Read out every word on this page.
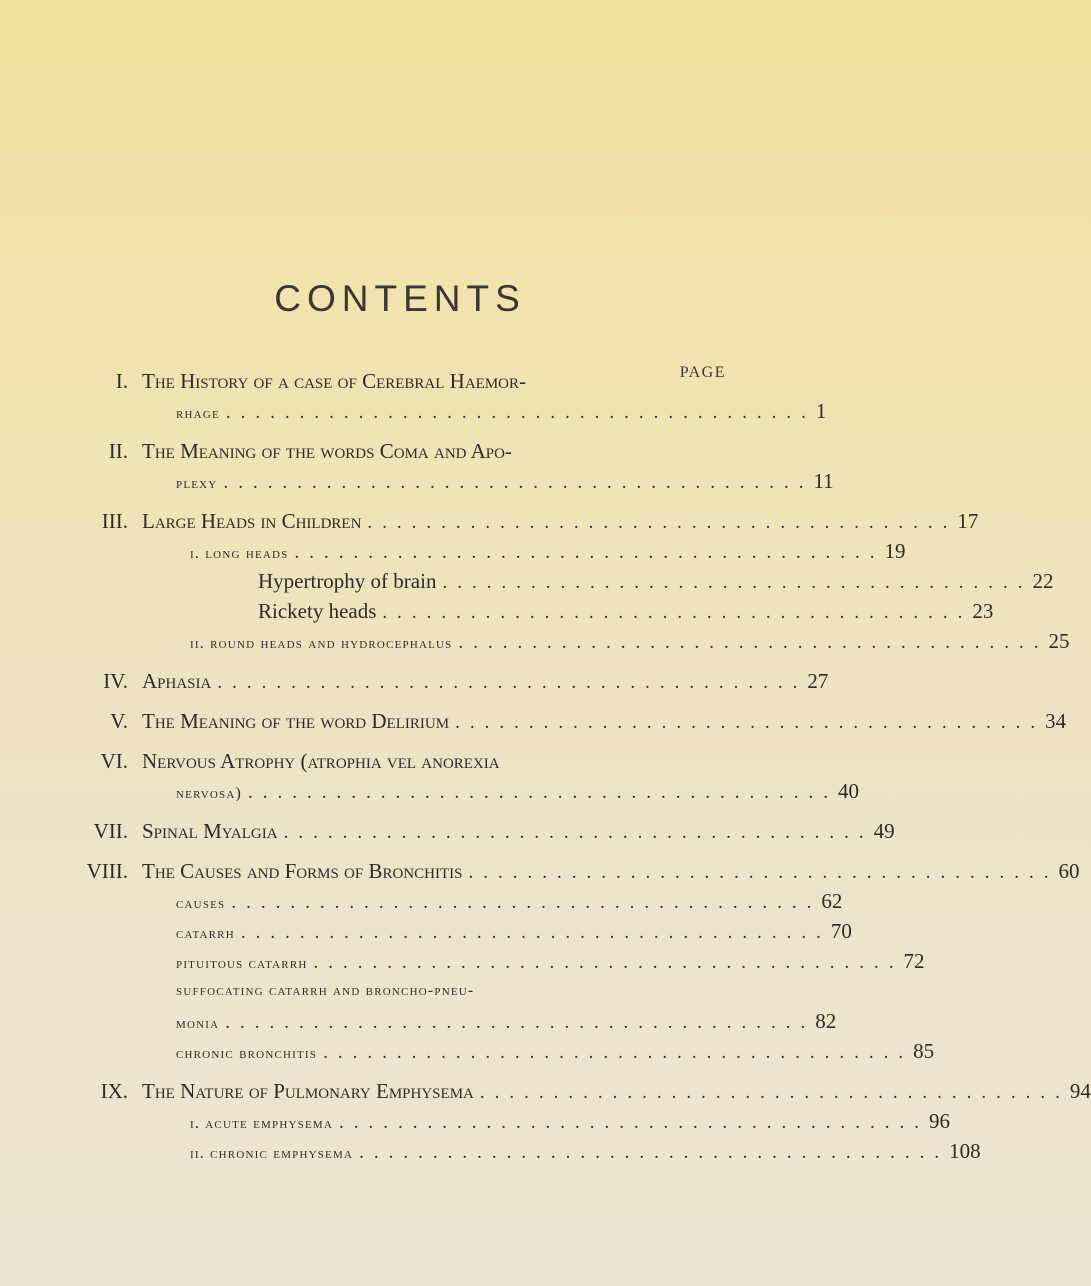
CONTENTS
PAGE
I. The History of a case of Cerebral Haemor-
rhage ........................................ 1
II. The Meaning of the words Coma and Apo-
plexy ........................................ 11
III. Large Heads in Children ........................................ 17
i. long heads ........................................ 19
Hypertrophy of brain ........................................ 22
Rickety heads ........................................ 23
ii. round heads and hydrocephalus ........................................ 25
IV. Aphasia ........................................ 27
V. The Meaning of the word Delirium ........................................ 34
VI. Nervous Atrophy (atrophia vel anorexia
nervosa) ........................................ 40
VII. Spinal Myalgia ........................................ 49
VIII. The Causes and Forms of Bronchitis ........................................ 60
causes ........................................ 62
catarrh ........................................ 70
pituitous catarrh ........................................ 72
suffocating catarrh and broncho-pneu-
monia ........................................ 82
chronic bronchitis ........................................ 85
IX. The Nature of Pulmonary Emphysema ........................................ 94
i. acute emphysema ........................................ 96
ii. chronic emphysema ........................................ 108
